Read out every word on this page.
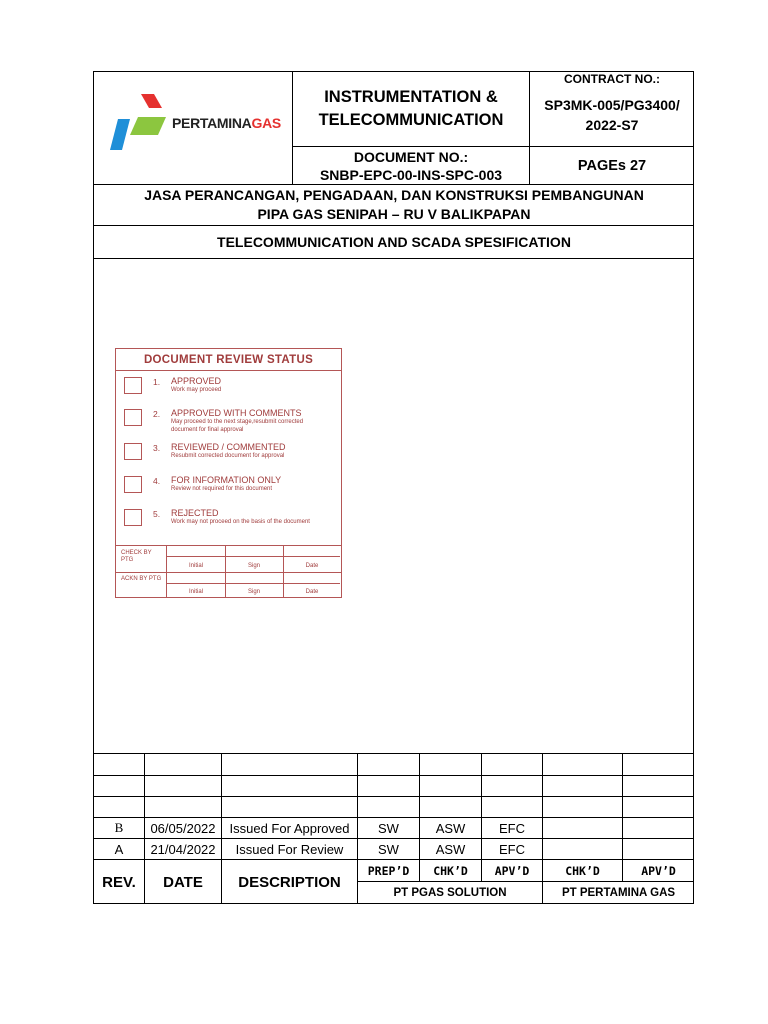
PERTAMINAGAS
INSTRUMENTATION &
TELECOMMUNICATION
CONTRACT NO.:
SP3MK-005/PG3400/2022-S7
DOCUMENT NO.:
SNBP-EPC-00-INS-SPC-003
PAGEs 27
JASA PERANCANGAN, PENGADAAN, DAN KONSTRUKSI PEMBANGUNAN
PIPA GAS SENIPAH – RU V BALIKPAPAN
TELECOMMUNICATION AND SCADA SPESIFICATION
DOCUMENT REVIEW STATUS
1. APPROVED
Work may proceed
2. APPROVED WITH COMMENTS
May proceed to the next stage,resubmit corrected document for final approval
3. REVIEWED / COMMENTED
Resubmit corrected document for approval
4. FOR INFORMATION ONLY
Review not required for this document
5. REJECTED
Work may not proceed on the basis of the document
CHECK BY PTG
ACKN BY PTG
Initial	Sign	Date
Initial	Sign	Date
B	06/05/2022	Issued For Approved	SW	ASW	EFC
A	21/04/2022	Issued For Review	SW	ASW	EFC
REV.	DATE	DESCRIPTION
PREP’D	CHK’D	APV’D	CHK’D	APV’D
PT PGAS SOLUTION	PT PERTAMINA GAS
